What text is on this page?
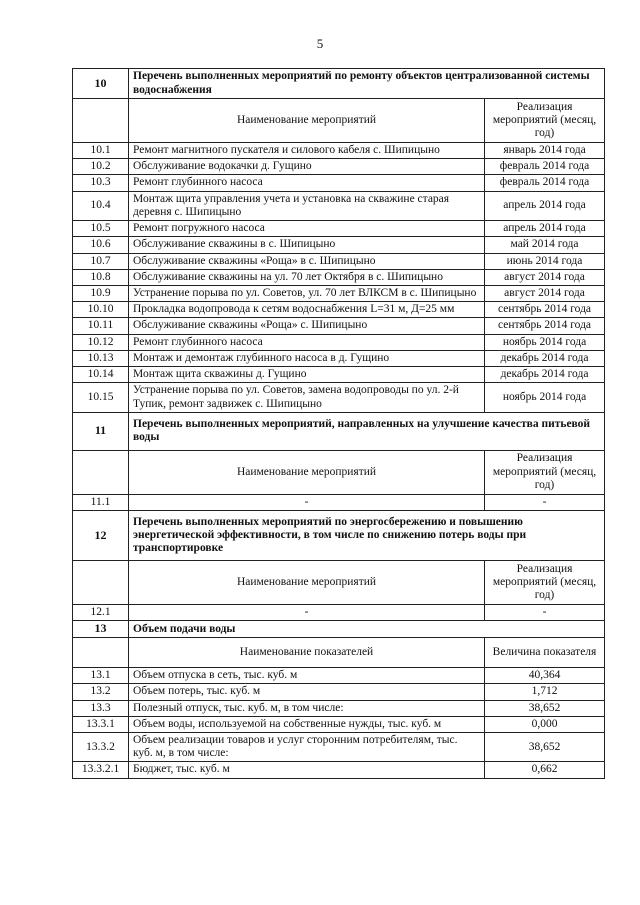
5
10	Перечень выполненных мероприятий по ремонту объектов централизованной системы водоснабжения	
	Наименование мероприятий	Реализация мероприятий (месяц, год)
10.1	Ремонт магнитного пускателя и силового кабеля с. Шипицыно	январь 2014 года
10.2	Обслуживание водокачки д. Гущино	февраль 2014 года
10.3	Ремонт глубинного насоса	февраль 2014 года
10.4	Монтаж щита управления учета и установка на скважине старая деревня с. Шипицыно	апрель 2014 года
10.5	Ремонт погружного насоса	апрель 2014 года
10.6	Обслуживание скважины в с. Шипицыно	май 2014 года
10.7	Обслуживание скважины «Роща» в с. Шипицыно	июнь 2014 года
10.8	Обслуживание скважины на ул. 70 лет Октября в с. Шипицыно	август 2014 года
10.9	Устранение порыва по ул. Советов, ул. 70 лет ВЛКСМ в с. Шипицыно	август 2014 года
10.10	Прокладка водопровода к сетям водоснабжения L=31 м, Д=25 мм	сентябрь 2014 года
10.11	Обслуживание скважины «Роща» с. Шипицыно	сентябрь 2014 года
10.12	Ремонт глубинного насоса	ноябрь 2014 года
10.13	Монтаж и демонтаж глубинного насоса в д. Гущино	декабрь 2014 года
10.14	Монтаж щита скважины д. Гущино	декабрь 2014 года
10.15	Устранение порыва по ул. Советов, замена водопроводы по ул. 2-й Тупик, ремонт задвижек с. Шипицыно	ноябрь 2014 года
11	Перечень выполненных мероприятий, направленных на улучшение качества питьевой воды	
	Наименование мероприятий	Реализация мероприятий (месяц, год)
11.1	-	-
12	Перечень выполненных мероприятий по энергосбережению и повышению энергетической эффективности, в том числе по снижению потерь воды при транспортировке	
	Наименование мероприятий	Реализация мероприятий (месяц, год)
12.1	-	-
13	Объем подачи воды	
	Наименование показателей	Величина показателя
13.1	Объем отпуска в сеть, тыс. куб. м	40,364
13.2	Объем потерь, тыс. куб. м	1,712
13.3	Полезный отпуск, тыс. куб. м, в том числе:	38,652
13.3.1	Объем воды, используемой на собственные нужды, тыс. куб. м	0,000
13.3.2	Объем реализации товаров и услуг сторонним потребителям, тыс. куб. м, в том числе:	38,652
13.3.2.1	Бюджет, тыс. куб. м	0,662
